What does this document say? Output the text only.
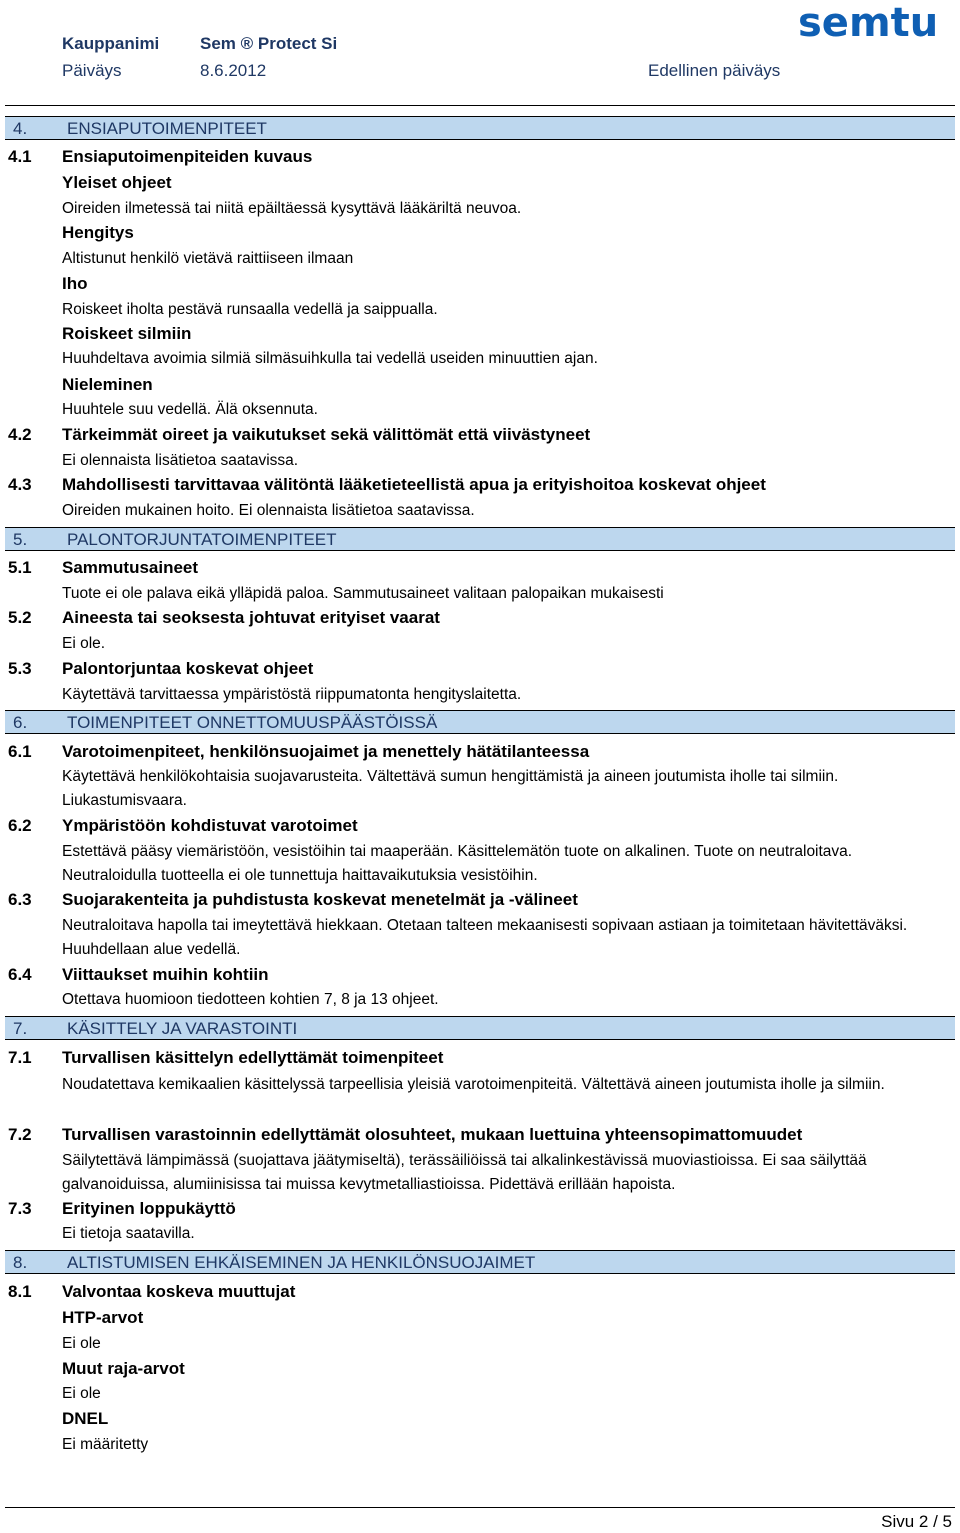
Kauppanimi Sem ® Protect Si
Päiväys	8.6.2012	Edellinen päiväys
semtu
4. ENSIAPUTOIMENPITEET
4.1 Ensiaputoimenpiteiden kuvaus
Yleiset ohjeet
Oireiden ilmetessä tai niitä epäiltäessä kysyttävä lääkäriltä neuvoa.
Hengitys
Altistunut henkilö vietävä raittiiseen ilmaan
Iho
Roiskeet iholta pestävä runsaalla vedellä ja saippualla.
Roiskeet silmiin
Huuhdeltava avoimia silmiä silmäsuihkulla tai vedellä useiden minuuttien ajan.
Nieleminen
Huuhtele suu vedellä. Älä oksennuta.
4.2 Tärkeimmät oireet ja vaikutukset sekä välittömät että viivästyneet
Ei olennaista lisätietoa saatavissa.
4.3 Mahdollisesti tarvittavaa välitöntä lääketieteellistä apua ja erityishoitoa koskevat ohjeet
Oireiden mukainen hoito. Ei olennaista lisätietoa saatavissa.
5. PALONTORJUNTATOIMENPITEET
5.1 Sammutusaineet
Tuote ei ole palava eikä ylläpidä paloa. Sammutusaineet valitaan palopaikan mukaisesti
5.2 Aineesta tai seoksesta johtuvat erityiset vaarat
Ei ole.
5.3 Palontorjuntaa koskevat ohjeet
Käytettävä tarvittaessa ympäristöstä riippumatonta hengityslaitetta.
6. TOIMENPITEET ONNETTOMUUSPÄÄSTÖISSÄ
6.1 Varotoimenpiteet, henkilönsuojaimet ja menettely hätätilanteessa
Käytettävä henkilökohtaisia suojavarusteita. Vältettävä sumun hengittämistä ja aineen joutumista iholle tai silmiin. Liukastumisvaara.
6.2 Ympäristöön kohdistuvat varotoimet
Estettävä pääsy viemäristöön, vesistöihin tai maaperään. Käsittelemätön tuote on alkalinen. Tuote on neutraloitava. Neutraloidulla tuotteella ei ole tunnettuja haittavaikutuksia vesistöihin.
6.3 Suojarakenteita ja puhdistusta koskevat menetelmät ja -välineet
Neutraloitava hapolla tai imeytettävä hiekkaan. Otetaan talteen mekaanisesti sopivaan astiaan ja toimitetaan hävitettäväksi. Huuhdellaan alue vedellä.
6.4 Viittaukset muihin kohtiin
Otettava huomioon tiedotteen kohtien 7, 8 ja 13 ohjeet.
7. KÄSITTELY JA VARASTOINTI
7.1 Turvallisen käsittelyn edellyttämät toimenpiteet
Noudatettava kemikaalien käsittelyssä tarpeellisia yleisiä varotoimenpiteitä. Vältettävä aineen joutumista iholle ja silmiin.
7.2 Turvallisen varastoinnin edellyttämät olosuhteet, mukaan luettuina yhteensopimattomuudet
Säilytettävä lämpimässä (suojattava jäätymiseltä), terässäiliöissä tai alkalinkestävissä muoviastioissa. Ei saa säilyttää galvanoiduissa, alumiinisissa tai muissa kevytmetalliastioissa. Pidettävä erillään hapoista.
7.3 Erityinen loppukäyttö
Ei tietoja saatavilla.
8. ALTISTUMISEN EHKÄISEMINEN JA HENKILÖNSUOJAIMET
8.1 Valvontaa koskeva muuttujat
HTP-arvot
Ei ole
Muut raja-arvot
Ei ole
DNEL
Ei määritetty
Sivu 2 / 5
